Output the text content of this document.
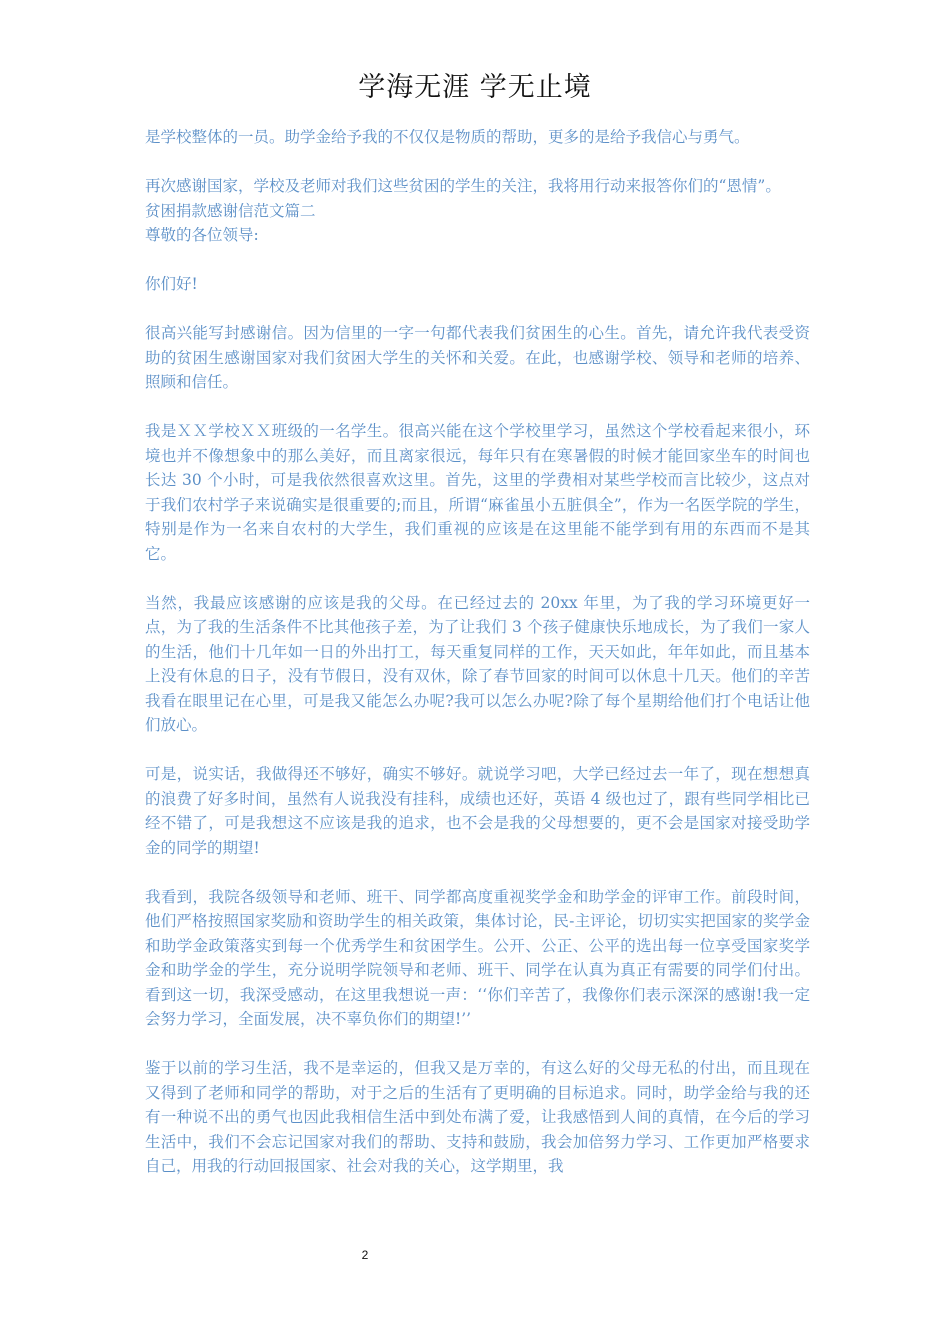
学海无涯 学无止境

是学校整体的一员。助学金给予我的不仅仅是物质的帮助，更多的是给予我信心与勇气。

再次感谢国家，学校及老师对我们这些贫困的学生的关注，我将用行动来报答你们的“恩情”。

贫困捐款感谢信范文篇二

尊敬的各位领导:

你们好!

很高兴能写封感谢信。因为信里的一字一句都代表我们贫困生的心生。首先，请允许我代表受资助的贫困生感谢国家对我们贫困大学生的关怀和关爱。在此，也感谢学校、领导和老师的培养、照顾和信任。

我是ＸＸ学校ＸＸ班级的一名学生。很高兴能在这个学校里学习，虽然这个学校看起来很小，环境也并不像想象中的那么美好，而且离家很远，每年只有在寒暑假的时候才能回家坐车的时间也长达 30 个小时，可是我依然很喜欢这里。首先，这里的学费相对某些学校而言比较少，这点对于我们农村学子来说确实是很重要的;而且，所谓“麻雀虽小五脏俱全”，作为一名医学院的学生，特别是作为一名来自农村的大学生，我们重视的应该是在这里能不能学到有用的东西而不是其它。

当然，我最应该感谢的应该是我的父母。在已经过去的 20xx 年里，为了我的学习环境更好一点，为了我的生活条件不比其他孩子差，为了让我们 3 个孩子健康快乐地成长，为了我们一家人的生活，他们十几年如一日的外出打工，每天重复同样的工作，天天如此，年年如此，而且基本上没有休息的日子，没有节假日，没有双休，除了春节回家的时间可以休息十几天。他们的辛苦我看在眼里记在心里，可是我又能怎么办呢?我可以怎么办呢?除了每个星期给他们打个电话让他们放心。

可是，说实话，我做得还不够好，确实不够好。就说学习吧，大学已经过去一年了，现在想想真的浪费了好多时间，虽然有人说我没有挂科，成绩也还好，英语 4 级也过了，跟有些同学相比已经不错了，可是我想这不应该是我的追求，也不会是我的父母想要的，更不会是国家对接受助学金的同学的期望!

我看到，我院各级领导和老师、班干、同学都高度重视奖学金和助学金的评审工作。前段时间，他们严格按照国家奖励和资助学生的相关政策，集体讨论，民-主评论，切切实实把国家的奖学金和助学金政策落实到每一个优秀学生和贫困学生。公开、公正、公平的选出每一位享受国家奖学金和助学金的学生，充分说明学院领导和老师、班干、同学在认真为真正有需要的同学们付出。看到这一切，我深受感动，在这里我想说一声：‘‘你们辛苦了，我像你们表示深深的感谢!我一定会努力学习，全面发展，决不辜负你们的期望!’’

鉴于以前的学习生活，我不是幸运的，但我又是万幸的，有这么好的父母无私的付出，而且现在又得到了老师和同学的帮助，对于之后的生活有了更明确的目标追求。同时，助学金给与我的还有一种说不出的勇气也因此我相信生活中到处布满了爱，让我感悟到人间的真情，在今后的学习生活中，我们不会忘记国家对我们的帮助、支持和鼓励，我会加倍努力学习、工作更加严格要求自己，用我的行动回报国家、社会对我的关心，这学期里，我

2
